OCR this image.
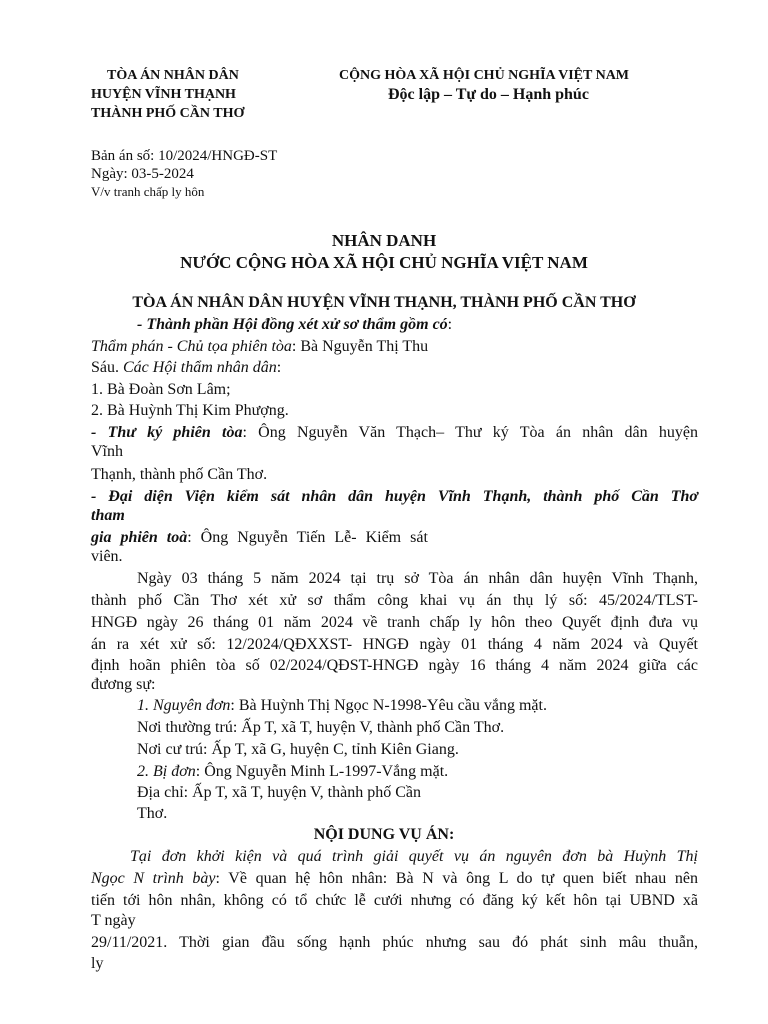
TÒA ÁN NHÂN DÂN
HUYỆN VĨNH THẠNH
THÀNH PHỐ CẦN THƠ
CỘNG HÒA XÃ HỘI CHỦ NGHĨA VIỆT NAM
Độc lập – Tự do – Hạnh phúc
Bản án số: 10/2024/HNGĐ-ST
Ngày: 03-5-2024
V/v tranh chấp ly hôn
NHÂN DANH
NƯỚC CỘNG HÒA XÃ HỘI CHỦ NGHĨA VIỆT NAM
TÒA ÁN NHÂN DÂN HUYỆN VĨNH THẠNH, THÀNH PHỐ CẦN THƠ
- Thành phần Hội đồng xét xử sơ thẩm gồm có:
Thẩm phán - Chủ tọa phiên tòa: Bà Nguyễn Thị Thu
Sáu. Các Hội thẩm nhân dân:
1. Bà Đoàn Sơn Lâm;
2. Bà Huỳnh Thị Kim Phượng.
- Thư ký phiên tòa: Ông Nguyễn Văn Thạch– Thư ký Tòa án nhân dân huyện
Vĩnh
Thạnh, thành phố Cần Thơ.
- Đại diện Viện kiểm sát nhân dân huyện Vĩnh Thạnh, thành phố Cần Thơ
tham
gia phiên toà: Ông Nguyễn Tiến Lễ- Kiểm sát
viên.
Ngày 03 tháng 5 năm 2024 tại trụ sở Tòa án nhân dân huyện Vĩnh Thạnh,
thành phố Cần Thơ xét xử sơ thẩm công khai vụ án thụ lý số: 45/2024/TLST-
HNGĐ ngày 26 tháng 01 năm 2024 về tranh chấp ly hôn theo Quyết định đưa vụ
án ra xét xử số: 12/2024/QĐXXST- HNGĐ ngày 01 tháng 4 năm 2024 và Quyết
định hoãn phiên tòa số 02/2024/QĐST-HNGĐ ngày 16 tháng 4 năm 2024 giữa các
đương sự:
1. Nguyên đơn: Bà Huỳnh Thị Ngọc N-1998-Yêu cầu vắng mặt.
Nơi thường trú: Ấp T, xã T, huyện V, thành phố Cần Thơ.
Nơi cư trú: Ấp T, xã G, huyện C, tỉnh Kiên Giang.
2. Bị đơn: Ông Nguyễn Minh L-1997-Vắng mặt.
Địa chỉ: Ấp T, xã T, huyện V, thành phố Cần
Thơ.
NỘI DUNG VỤ ÁN:
Tại đơn khởi kiện và quá trình giải quyết vụ án nguyên đơn bà Huỳnh Thị
Ngọc N trình bày: Về quan hệ hôn nhân: Bà N và ông L do tự quen biết nhau nên
tiến tới hôn nhân, không có tổ chức lễ cưới nhưng có đăng ký kết hôn tại UBND xã
T ngày
29/11/2021. Thời gian đầu sống hạnh phúc nhưng sau đó phát sinh mâu thuẫn,
ly
